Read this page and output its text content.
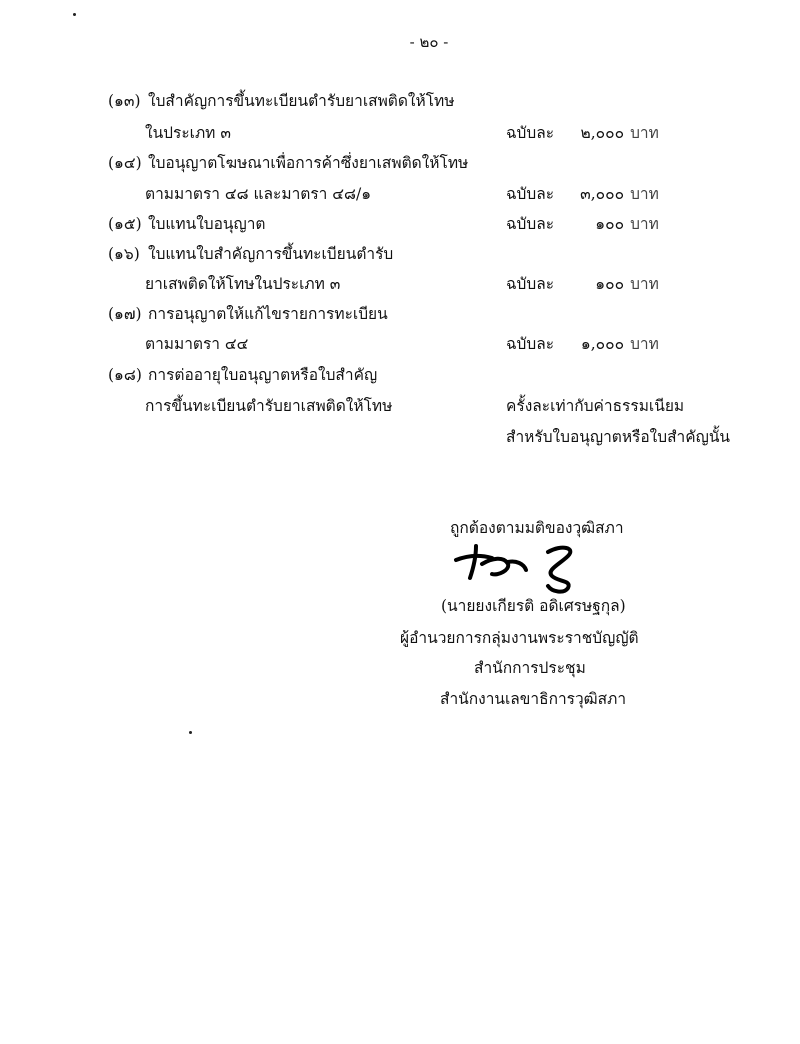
- ๒๐ -
(๑๓) ใบสำคัญการขึ้นทะเบียนตำรับยาเสพติดให้โทษ
ในประเภท ๓	ฉบับละ ๒,๐๐๐ บาท
(๑๔) ใบอนุญาตโฆษณาเพื่อการค้าซึ่งยาเสพติดให้โทษ
ตามมาตรา ๔๘ และมาตรา ๔๘/๑	ฉบับละ ๓,๐๐๐ บาท
(๑๕) ใบแทนใบอนุญาต	ฉบับละ	๑๐๐ บาท
(๑๖) ใบแทนใบสำคัญการขึ้นทะเบียนตำรับ
ยาเสพติดให้โทษในประเภท ๓	ฉบับละ	๑๐๐ บาท
(๑๗) การอนุญาตให้แก้ไขรายการทะเบียน
ตามมาตรา ๔๔	ฉบับละ ๑,๐๐๐ บาท
(๑๘) การต่ออายุใบอนุญาตหรือใบสำคัญ
การขึ้นทะเบียนตำรับยาเสพติดให้โทษ	ครั้งละเท่ากับค่าธรรมเนียม
สำหรับใบอนุญาตหรือใบสำคัญนั้น
ถูกต้องตามมติของวุฒิสภา
(นายยงเกียรติ อดิเศรษฐกุล)
ผู้อำนวยการกลุ่มงานพระราชบัญญัติ
สำนักการประชุม
สำนักงานเลขาธิการวุฒิสภา
